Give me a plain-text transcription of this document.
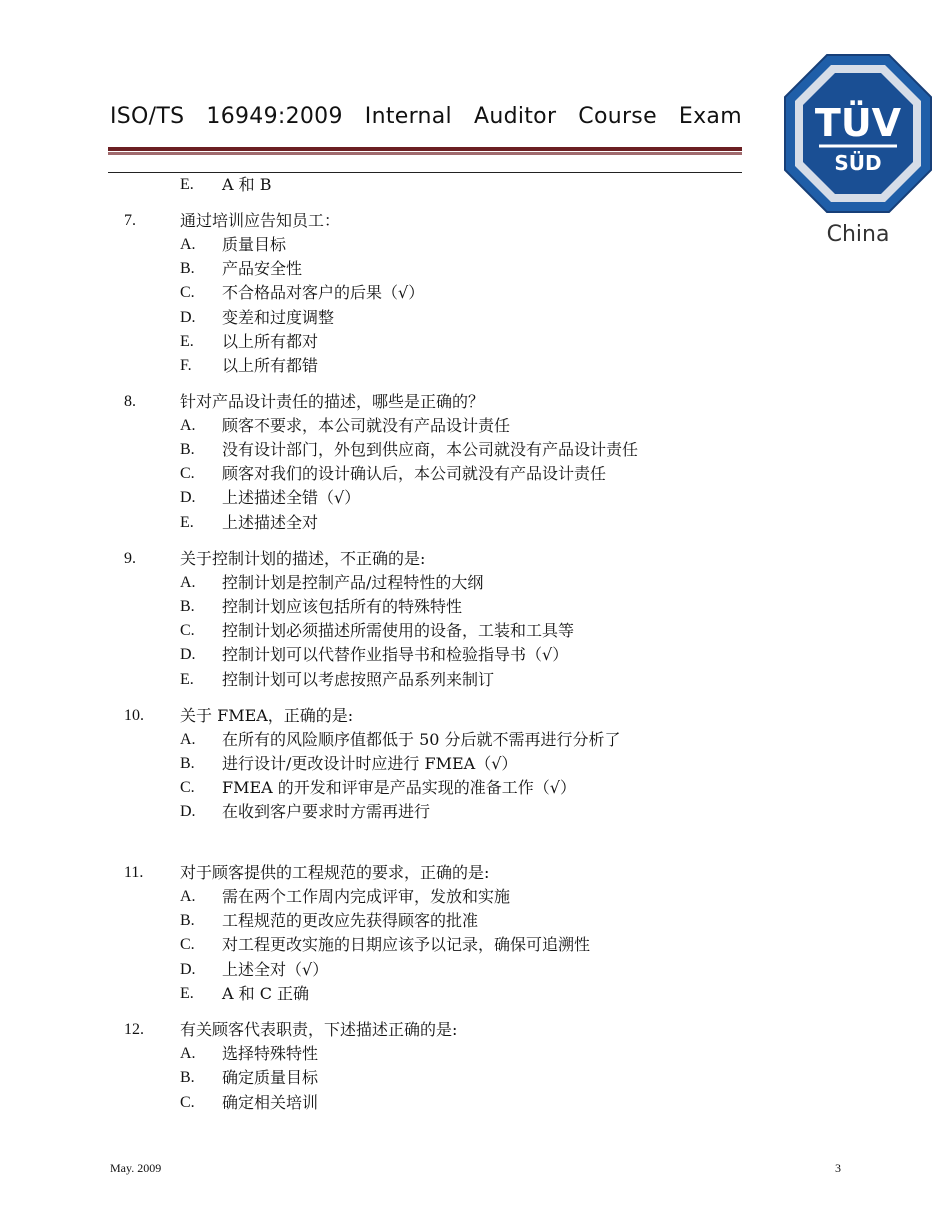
ISO/TS 16949:2009 Internal Auditor Course Exam TÜV
SÜD
China
E. A 和 B
7.	通过培训应告知员工：
A. 质量目标
B. 产品安全性
C. 不合格品对客户的后果（√）
D. 变差和过度调整
E. 以上所有都对
F. 以上所有都错
8.	针对产品设计责任的描述，哪些是正确的？
A. 顾客不要求，本公司就没有产品设计责任
B. 没有设计部门，外包到供应商，本公司就没有产品设计责任
C. 顾客对我们的设计确认后，本公司就没有产品设计责任
D. 上述描述全错（√）
E. 上述描述全对
9.	关于控制计划的描述，不正确的是:
A. 控制计划是控制产品/过程特性的大纲
B. 控制计划应该包括所有的特殊特性
C. 控制计划必须描述所需使用的设备，工装和工具等
D. 控制计划可以代替作业指导书和检验指导书（√）
E. 控制计划可以考虑按照产品系列来制订
10. 关于 FMEA，正确的是:
A. 在所有的风险顺序值都低于 50 分后就不需再进行分析了
B. 进行设计/更改设计时应进行 FMEA（√）
C. FMEA 的开发和评审是产品实现的准备工作（√）
D. 在收到客户要求时方需再进行
11. 对于顾客提供的工程规范的要求，正确的是:
A. 需在两个工作周内完成评审，发放和实施
B. 工程规范的更改应先获得顾客的批准
C. 对工程更改实施的日期应该予以记录，确保可追溯性
D. 上述全对（√）
E. A 和 C 正确
12. 有关顾客代表职责，下述描述正确的是:
A. 选择特殊特性
B. 确定质量目标
C. 确定相关培训
May. 2009	3
